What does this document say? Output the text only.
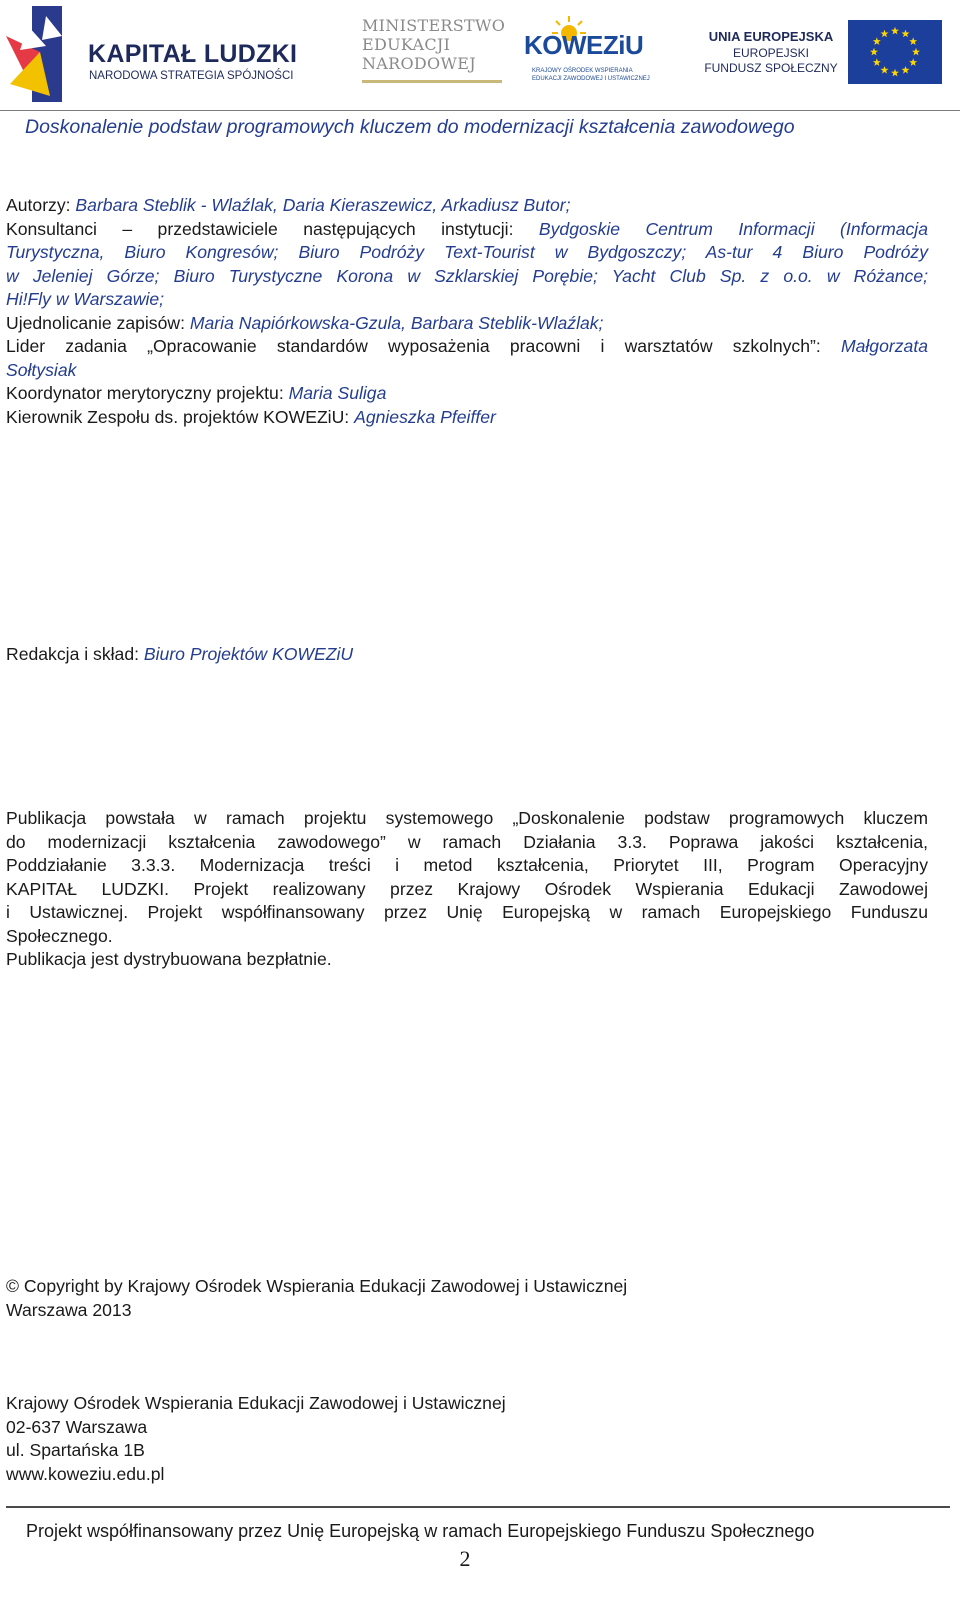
KAPITAŁ LUDZKI
NARODOWA STRATEGIA SPÓJNOŚCI
MINISTERSTWO
EDUKACJI
NARODOWEJ
KOWEZiU
KRAJOWY OŚRODEK WSPIERANIA
EDUKACJI ZAWODOWEJ I USTAWICZNEJ
UNIA EUROPEJSKA
EUROPEJSKI
FUNDUSZ SPOŁECZNY
Doskonalenie podstaw programowych kluczem do modernizacji kształcenia zawodowego
Autorzy: Barbara Steblik - Wlaźlak, Daria Kieraszewicz, Arkadiusz Butor;
Konsultanci – przedstawiciele następujących instytucji: Bydgoskie Centrum Informacji (Informacja
Turystyczna, Biuro Kongresów; Biuro Podróży Text-Tourist w Bydgoszczy; As-tur 4 Biuro Podróży
w Jeleniej Górze; Biuro Turystyczne Korona w Szklarskiej Porębie; Yacht Club Sp. z o.o. w Różance;
Hi!Fly w Warszawie;
Ujednolicanie zapisów: Maria Napiórkowska-Gzula, Barbara Steblik-Wlaźlak;
Lider zadania „Opracowanie standardów wyposażenia pracowni i warsztatów szkolnych”: Małgorzata
Sołtysiak
Koordynator merytoryczny projektu: Maria Suliga
Kierownik Zespołu ds. projektów KOWEZiU: Agnieszka Pfeiffer
Redakcja i skład: Biuro Projektów KOWEZiU
Publikacja powstała w ramach projektu systemowego „Doskonalenie podstaw programowych kluczem
do modernizacji kształcenia zawodowego” w ramach Działania 3.3. Poprawa jakości kształcenia,
Poddziałanie 3.3.3. Modernizacja treści i metod kształcenia, Priorytet III, Program Operacyjny
KAPITAŁ LUDZKI. Projekt realizowany przez Krajowy Ośrodek Wspierania Edukacji Zawodowej
i Ustawicznej. Projekt współfinansowany przez Unię Europejską w ramach Europejskiego Funduszu
Społecznego.
Publikacja jest dystrybuowana bezpłatnie.
© Copyright by Krajowy Ośrodek Wspierania Edukacji Zawodowej i Ustawicznej
Warszawa 2013
Krajowy Ośrodek Wspierania Edukacji Zawodowej i Ustawicznej
02-637 Warszawa
ul. Spartańska 1B
www.koweziu.edu.pl
Projekt współfinansowany przez Unię Europejską w ramach Europejskiego Funduszu Społecznego
2
